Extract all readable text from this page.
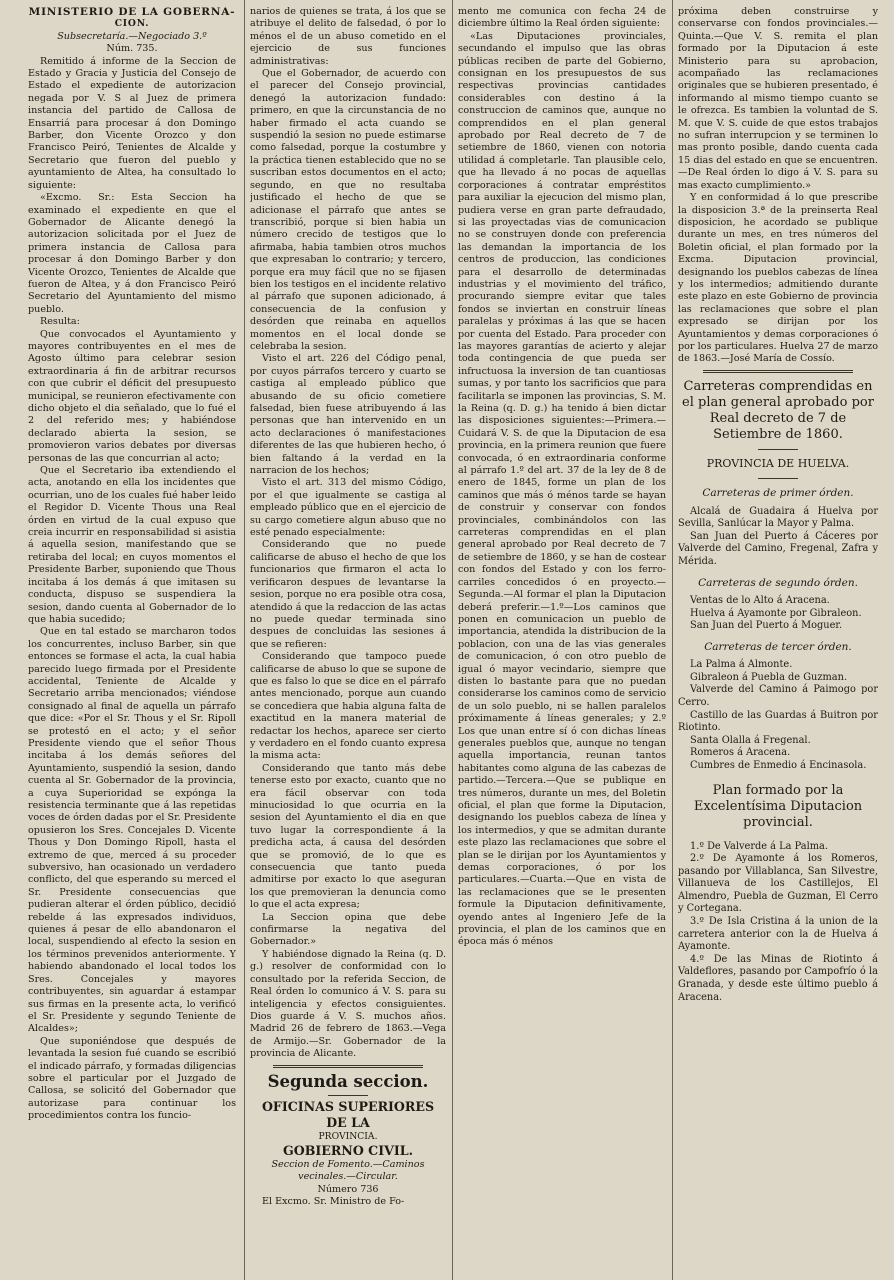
MINISTERIO DE LA GOBERNA-

CION.

Subsecretaría.—Negociado 3.º

Núm. 735.

Remitido á informe de la Seccion de Estado y Gracia y Justicia del Consejo de Estado el expediente de autorizacion negada por V. S al Juez de primera instancia del partido de Callosa de Ensarriá para procesar á don Domingo Barber, don Vicente Orozco y don Francisco Peiró, Tenientes de Alcalde y Secretario que fueron del pueblo y ayuntamiento de Altea, ha consultado lo siguiente:

«Excmo. Sr.: Esta Seccion ha examinado el expediente en que el Gobernador de Alicante denegó la autorizacion solicitada por el Juez de primera instancia de Callosa para procesar á don Domingo Barber y don Vicente Orozco, Tenientes de Alcalde que fueron de Altea, y á don Francisco Peiró Secretario del Ayuntamiento del mismo pueblo.

Resulta:

Que convocados el Ayuntamiento y mayores contribuyentes en el mes de Agosto último para celebrar sesion extraordinaria á fin de arbitrar recursos con que cubrir el déficit del presupuesto municipal, se reunieron efectivamente con dicho objeto el dia señalado, que lo fué el 2 del referido mes; y habiéndose declarado abierta la sesion, se promovieron varios debates por diversas personas de las que concurrian al acto;

Que el Secretario iba extendiendo el acta, anotando en ella los incidentes que ocurrian, uno de los cuales fué haber leido el Regidor D. Vicente Thous una Real órden en virtud de la cual expuso que creia incurrir en responsabilidad si asistia á aquella sesion, manifestando que se retiraba del local; en cuyos momentos el Presidente Barber, suponiendo que Thous incitaba á los demás á que imitasen su conducta, dispuso se suspendiera la sesion, dando cuenta al Gobernador de lo que habia sucedido;

Que en tal estado se marcharon todos los concurrentes, incluso Barber, sin que entonces se formase el acta, la cual habia parecido luego firmada por el Presidente accidental, Teniente de Alcalde y Secretario arriba mencionados; viéndose consignado al final de aquella un párrafo que dice: «Por el Sr. Thous y el Sr. Ripoll se protestó en el acto; y el señor Presidente viendo que el señor Thous incitaba á los demás señores del Ayuntamiento, suspendió la sesion, dando cuenta al Sr. Gobernador de la provincia, a cuya Superioridad se expónga la resistencia terminante que á las repetidas voces de órden dadas por el Sr. Presidente opusieron los Sres. Concejales D. Vicente Thous y Don Domingo Ripoll, hasta el extremo de que, merced á su proceder subversivo, han ocasionado un verdadero conflicto, del que esperando su merced el Sr. Presidente consecuencias que pudieran alterar el órden público, decidió rebelde á las expresados individuos, quienes á pesar de ello abandonaron el local, suspendiendo al efecto la sesion en los términos prevenidos anteriormente. Y habiendo abandonado el local todos los Sres. Concejales y mayores contribuyentes, sin aguardar á estampar sus firmas en la presente acta, lo verificó el Sr. Presidente y segundo Teniente de Alcaldes»;

Que suponiéndose que después de levantada la sesion fué cuando se escribió el indicado párrafo, y formadas diligencias sobre el particular por el Juzgado de Callosa, se solicitó del Gobernador que autorizase para continuar los procedimientos contra los funcio-

narios de quienes se trata, á los que se atribuye el delito de falsedad, ó por lo ménos el de un abuso cometido en el ejercicio de sus funciones administrativas:

Que el Gobernador, de acuerdo con el parecer del Consejo provincial, denegó la autorizacion fundado: primero, en que la circunstancia de no haber firmado el acta cuando se suspendió la sesion no puede estimarse como falsedad, porque la costumbre y la práctica tienen establecido que no se suscriban estos documentos en el acto; segundo, en que no resultaba justificado el hecho de que se adicionase el párrafo que antes se transcribió, porque si bien habia un número crecido de testigos que lo afirmaba, habia tambien otros muchos que expresaban lo contrario; y tercero, porque era muy fácil que no se fijasen bien los testigos en el incidente relativo al párrafo que suponen adicionado, á consecuencia de la confusion y desórden que reinaba en aquellos momentos en el local donde se celebraba la sesion.

Visto el art. 226 del Código penal, por cuyos párrafos tercero y cuarto se castiga al empleado público que abusando de su oficio cometiere falsedad, bien fuese atribuyendo á las personas que han intervenido en un acto declaraciones ó manifestaciones diferentes de las que hubieren hecho, ó bien faltando á la verdad en la narracion de los hechos;

Visto el art. 313 del mismo Código, por el que igualmente se castiga al empleado público que en el ejercicio de su cargo cometiere algun abuso que no esté penado especialmente:

Considerando que no puede calificarse de abuso el hecho de que los funcionarios que firmaron el acta lo verificaron despues de levantarse la sesion, porque no era posible otra cosa, atendido á que la redaccion de las actas no puede quedar terminada sino despues de concluidas las sesiones á que se refieren:

Considerando que tampoco puede calificarse de abuso lo que se supone de que es falso lo que se dice en el párrafo antes mencionado, porque aun cuando se concediera que habia alguna falta de exactitud en la manera material de redactar los hechos, aparece ser cierto y verdadero en el fondo cuanto expresa la misma acta:

Considerando que tanto más debe tenerse esto por exacto, cuanto que no era fácil observar con toda minuciosidad lo que ocurria en la sesion del Ayuntamiento el dia en que tuvo lugar la correspondiente á la predicha acta, á causa del desórden que se promovió, de lo que es consecuencia que tanto pueda admitirse por exacto lo que aseguran los que premovieran la denuncia como lo que el acta expresa;

La Seccion opina que debe confirmarse la negativa del Gobernador.»

Y habiéndose dignado la Reina (q. D. g.) resolver de conformidad con lo consultado por la referida Seccion, de Real órden lo comunico á V. S. para su inteligencia y efectos consiguientes. Dios guarde á V. S. muchos años. Madrid 26 de febrero de 1863.—Vega de Armijo.—Sr. Gobernador de la provincia de Alicante.

Segunda seccion.

OFICINAS SUPERIORES DE LA

PROVINCIA.

GOBIERNO CIVIL.

Seccion de Fomento.—Caminos vecinales.—Circular.

Número 736

El Excmo. Sr. Ministro de Fo-

mento me comunica con fecha 24 de diciembre último la Real órden siguiente:

«Las Diputaciones provinciales, secundando el impulso que las obras públicas reciben de parte del Gobierno, consignan en los presupuestos de sus respectivas provincias cantidades considerables con destino á la construccion de caminos que, aunque no comprendidos en el plan general aprobado por Real decreto de 7 de setiembre de 1860, vienen con notoria utilidad á completarle. Tan plausible celo, que ha llevado á no pocas de aquellas corporaciones á contratar empréstitos para auxiliar la ejecucion del mismo plan, pudiera verse en gran parte defraudado, si las proyectadas vias de comunicacion no se construyen donde con preferencia las demandan la importancia de los centros de produccion, las condiciones para el desarrollo de determinadas industrias y el movimiento del tráfico, procurando siempre evitar que tales fondos se inviertan en construir líneas paralelas y próximas á las que se hacen por cuenta del Estado. Para proceder con las mayores garantías de acierto y alejar toda contingencia de que pueda ser infructuosa la inversion de tan cuantiosas sumas, y por tanto los sacrificios que para facilitarla se imponen las provincias, S. M. la Reina (q. D. g.) ha tenido á bien dictar las disposiciones siguientes:—Primera.—Cuidará V. S. de que la Diputacion de esa provincia, en la primera reunion que fuere convocada, ó en extraordinaria conforme al párrafo 1.º del art. 37 de la ley de 8 de enero de 1845, forme un plan de los caminos que más ó ménos tarde se hayan de construir y conservar con fondos provinciales, combinándolos con las carreteras comprendidas en el plan general aprobado por Real decreto de 7 de setiembre de 1860, y se han de costear con fondos del Estado y con los ferro-carriles concedidos ó en proyecto.—Segunda.—Al formar el plan la Diputacion deberá preferir.—1.º—Los caminos que ponen en comunicacion un pueblo de importancia, atendida la distribucion de la poblacion, con una de las vias generales de comunicacion, ó con otro pueblo de igual ó mayor vecindario, siempre que disten lo bastante para que no puedan considerarse los caminos como de servicio de un solo pueblo, ni se hallen paralelos próximamente á líneas generales; y 2.º Los que unan entre sí ó con dichas líneas generales pueblos que, aunque no tengan aquella importancia, reunan tantos habitantes como alguna de las cabezas de partido.—Tercera.—Que se publique en tres números, durante un mes, del Boletin oficial, el plan que forme la Diputacion, designando los pueblos cabeza de línea y los intermedios, y que se admitan durante este plazo las reclamaciones que sobre el plan se le dirijan por los Ayuntamientos y demas corporaciones, ó por los particulares.—Cuarta.—Que en vista de las reclamaciones que se le presenten formule la Diputacion definitivamente, oyendo antes al Ingeniero Jefe de la provincia, el plan de los caminos que en época más ó ménos

próxima deben construirse y conservarse con fondos provinciales.—Quinta.—Que V. S. remita el plan formado por la Diputacion á este Ministerio para su aprobacion, acompañado las reclamaciones originales que se hubieren presentado, é informando al mismo tiempo cuanto se le ofrezca. Es tambien la voluntad de S. M. que V. S. cuide de que estos trabajos no sufran interrupcion y se terminen lo mas pronto posible, dando cuenta cada 15 dias del estado en que se encuentren.—De Real órden lo digo á V. S. para su mas exacto cumplimiento.»

Y en conformidad á lo que prescribe la disposicion 3.ª de la preinserta Real disposicion, he acordado se publique durante un mes, en tres números del Boletin oficial, el plan formado por la Excma. Diputacion provincial, designando los pueblos cabezas de línea y los intermedios; admitiendo durante este plazo en este Gobierno de provincia las reclamaciones que sobre el plan expresado se dirijan por los Ayuntamientos y demas corporaciones ó por los particulares. Huelva 27 de marzo de 1863.—José María de Cossío.

Carreteras comprendidas en el plan general aprobado por Real decreto de 7 de Setiembre de 1860.

PROVINCIA DE HUELVA.

Carreteras de primer órden.

Alcalá de Guadaira á Huelva por Sevilla, Sanlúcar la Mayor y Palma.

San Juan del Puerto á Cáceres por Valverde del Camino, Fregenal, Zafra y Mérida.

Carreteras de segundo órden.

Ventas de lo Alto á Aracena.

Huelva á Ayamonte por Gibraleon.

San Juan del Puerto á Moguer.

Carreteras de tercer órden.

La Palma á Almonte.

Gibraleon á Puebla de Guzman.

Valverde del Camino á Paimogo por Cerro.

Castillo de las Guardas á Buitron por Riotinto.

Santa Olalla á Fregenal.

Romeros á Aracena.

Cumbres de Enmedio á Encinasola.

Plan formado por la Excelentísima Diputacion provincial.

1.º De Valverde á La Palma.

2.º De Ayamonte á los Romeros, pasando por Villablanca, San Silvestre, Villanueva de los Castillejos, El Almendro, Puebla de Guzman, El Cerro y Cortegana.

3.º De Isla Cristina á la union de la carretera anterior con la de Huelva á Ayamonte.

4.º De las Minas de Riotinto á Valdeflores, pasando por Campofrío ó la Granada, y desde este último pueblo á Aracena.
